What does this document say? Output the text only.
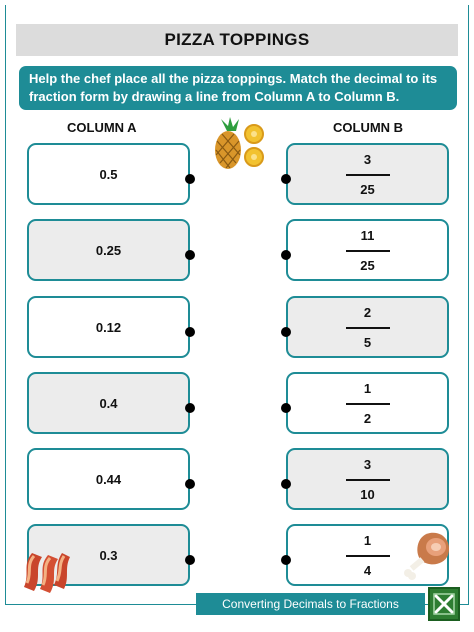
PIZZA TOPPINGS
Help the chef place all the pizza toppings. Match the decimal to its fraction form by drawing a line from Column A to Column B.
COLUMN A	COLUMN B
0.5
0.25
0.12
0.4
0.44
0.3
3
25
11
25
2
5
1
2
3
10
1
4
Converting Decimals to Fractions
